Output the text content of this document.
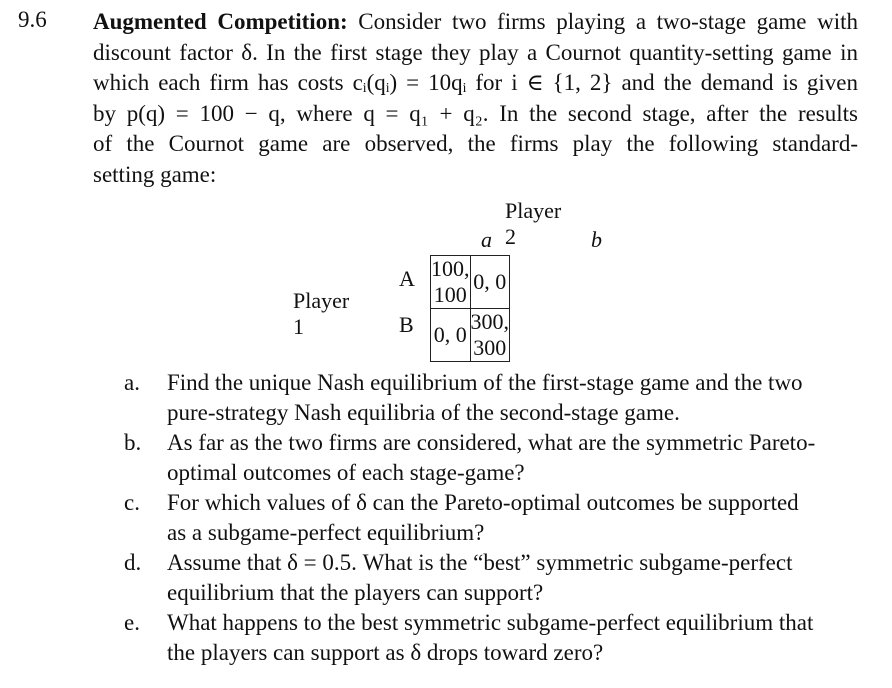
9.6 Augmented Competition: Consider two firms playing a two-stage game with
discount factor δ. In the first stage they play a Cournot quantity-setting game in
which each firm has costs cᵢ(qᵢ) = 10qᵢ for i ∈ {1, 2} and the demand is given
by p(q) = 100 − q, where q = q₁ + q₂. In the second stage, after the results
of the Cournot game are observed, the firms play the following standard-
setting game:
Player 2
a	b
Player 1
A
B
100, 100	0, 0
0, 0	300, 300
a. Find the unique Nash equilibrium of the first-stage game and the two
pure-strategy Nash equilibria of the second-stage game.
b. As far as the two firms are considered, what are the symmetric Pareto-
optimal outcomes of each stage-game?
c. For which values of δ can the Pareto-optimal outcomes be supported
as a subgame-perfect equilibrium?
d. Assume that δ = 0.5. What is the “best” symmetric subgame-perfect
equilibrium that the players can support?
e. What happens to the best symmetric subgame-perfect equilibrium that
the players can support as δ drops toward zero?
